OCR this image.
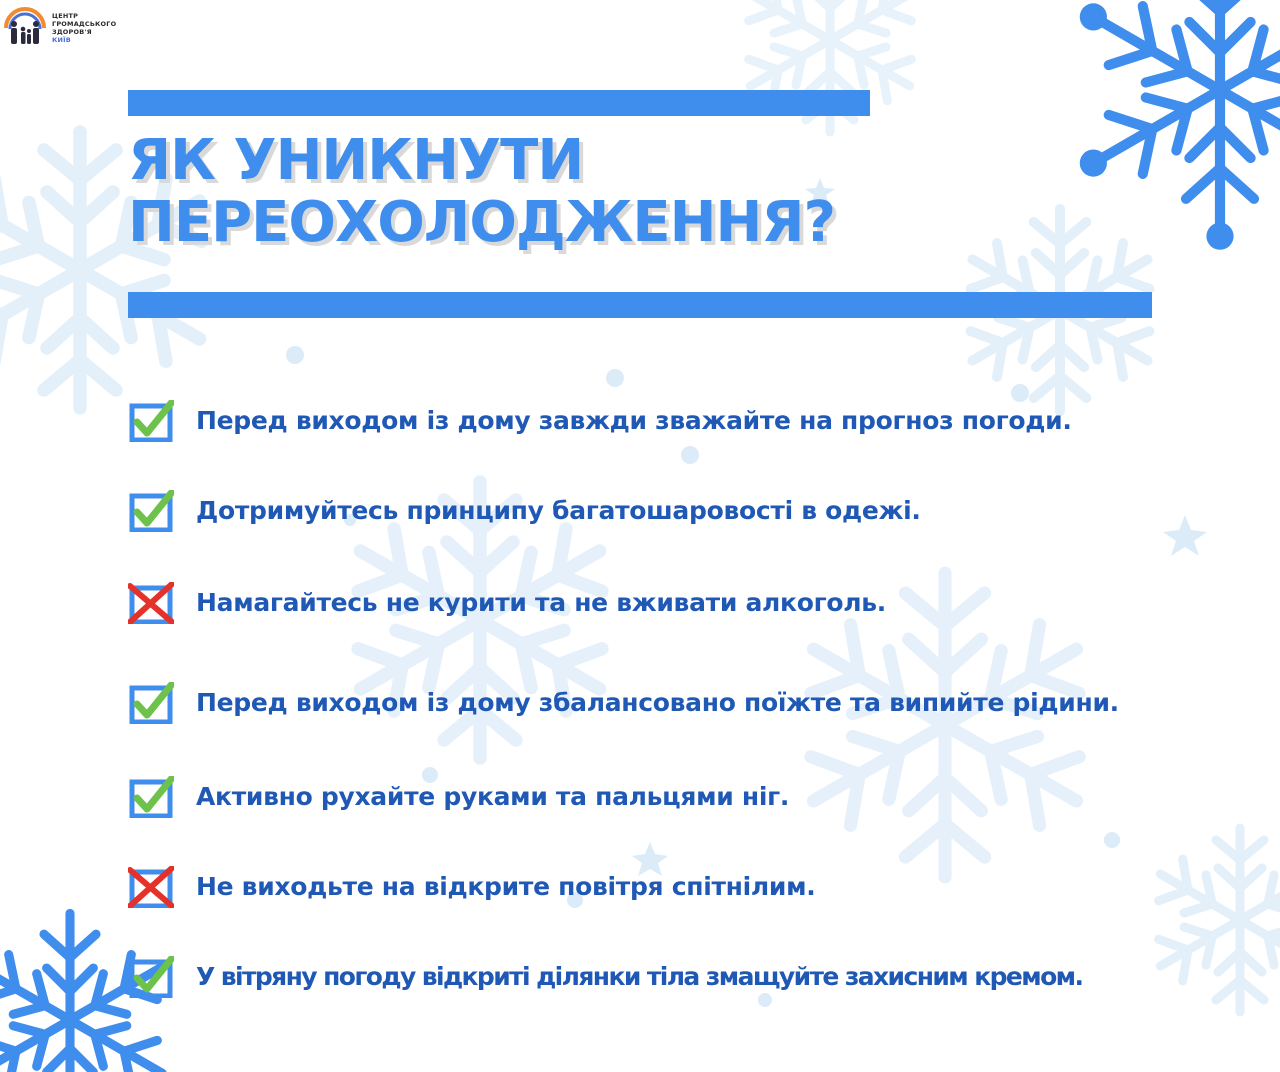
ЦЕНТР
ГРОМАДСЬКОГО
ЗДОРОВ'Я
КИЇВ
ЯК УНИКНУТИ
ПЕРЕОХОЛОДЖЕННЯ?
Перед виходом із дому завжди зважайте на прогноз погоди.
Дотримуйтесь принципу багатошаровості в одежі.
Намагайтесь не курити та не вживати алкоголь.
Перед виходом із дому збалансовано поїжте та випийте рідини.
Активно рухайте руками та пальцями ніг.
Не виходьте на відкрите повітря спітнілим.
У вітряну погоду відкриті ділянки тіла змащуйте захисним кремом.
